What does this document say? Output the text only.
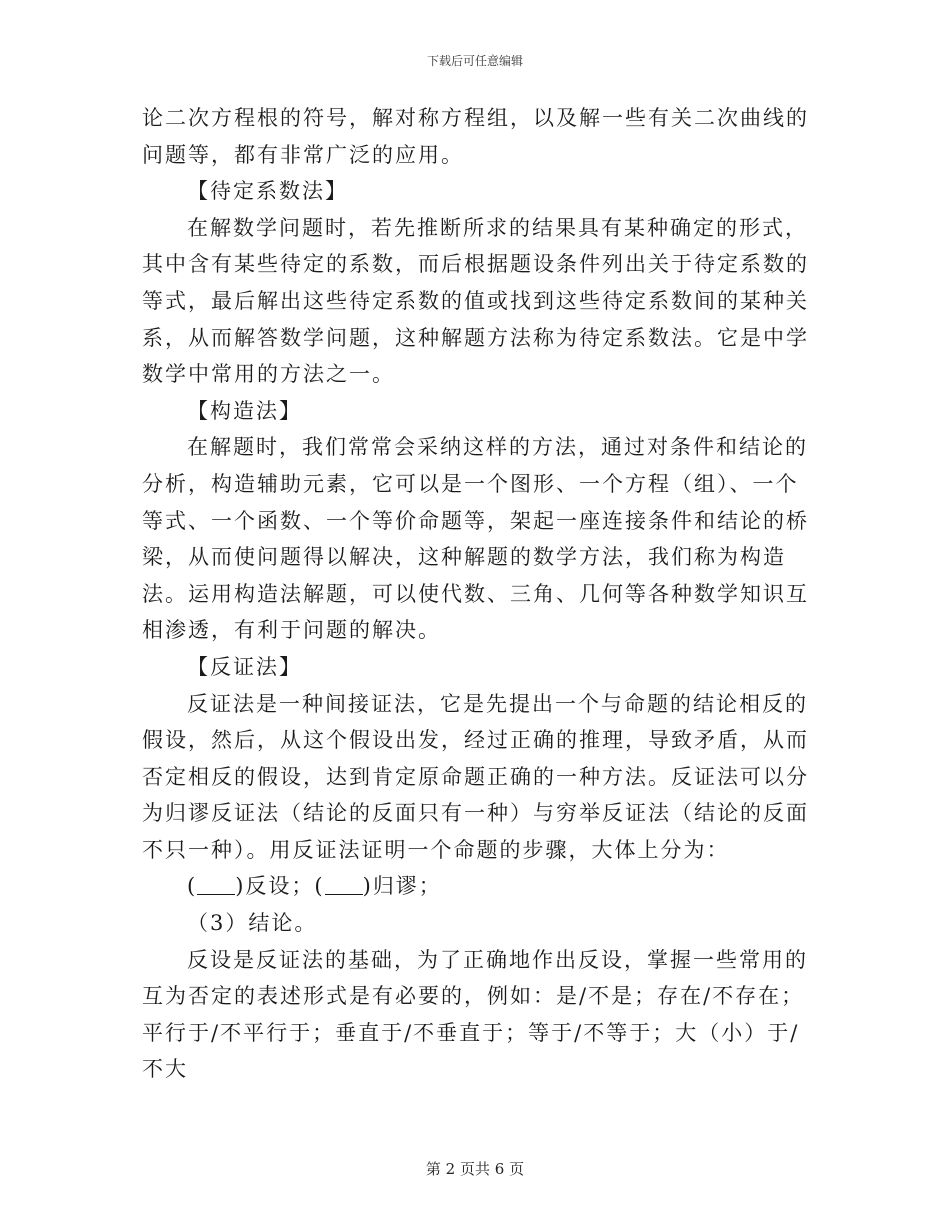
下载后可任意编辑

论二次方程根的符号，解对称方程组，以及解一些有关二次曲线的问题等，都有非常广泛的应用。

【待定系数法】

在解数学问题时，若先推断所求的结果具有某种确定的形式，其中含有某些待定的系数，而后根据题设条件列出关于待定系数的等式，最后解出这些待定系数的值或找到这些待定系数间的某种关系，从而解答数学问题，这种解题方法称为待定系数法。它是中学数学中常用的方法之一。

【构造法】

在解题时，我们常常会采纳这样的方法，通过对条件和结论的分析，构造辅助元素，它可以是一个图形、一个方程（组）、一个等式、一个函数、一个等价命题等，架起一座连接条件和结论的桥梁，从而使问题得以解决，这种解题的数学方法，我们称为构造法。运用构造法解题，可以使代数、三角、几何等各种数学知识互相渗透，有利于问题的解决。

【反证法】

反证法是一种间接证法，它是先提出一个与命题的结论相反的假设，然后，从这个假设出发，经过正确的推理，导致矛盾，从而否定相反的假设，达到肯定原命题正确的一种方法。反证法可以分为归谬反证法（结论的反面只有一种）与穷举反证法（结论的反面不只一种）。用反证法证明一个命题的步骤，大体上分为：

( )反设；( )归谬；

（3）结论。

反设是反证法的基础，为了正确地作出反设，掌握一些常用的互为否定的表述形式是有必要的，例如：是/不是；存在/不存在；平行于/不平行于；垂直于/不垂直于；等于/不等于；大（小）于/不大

第 2 页共 6 页
